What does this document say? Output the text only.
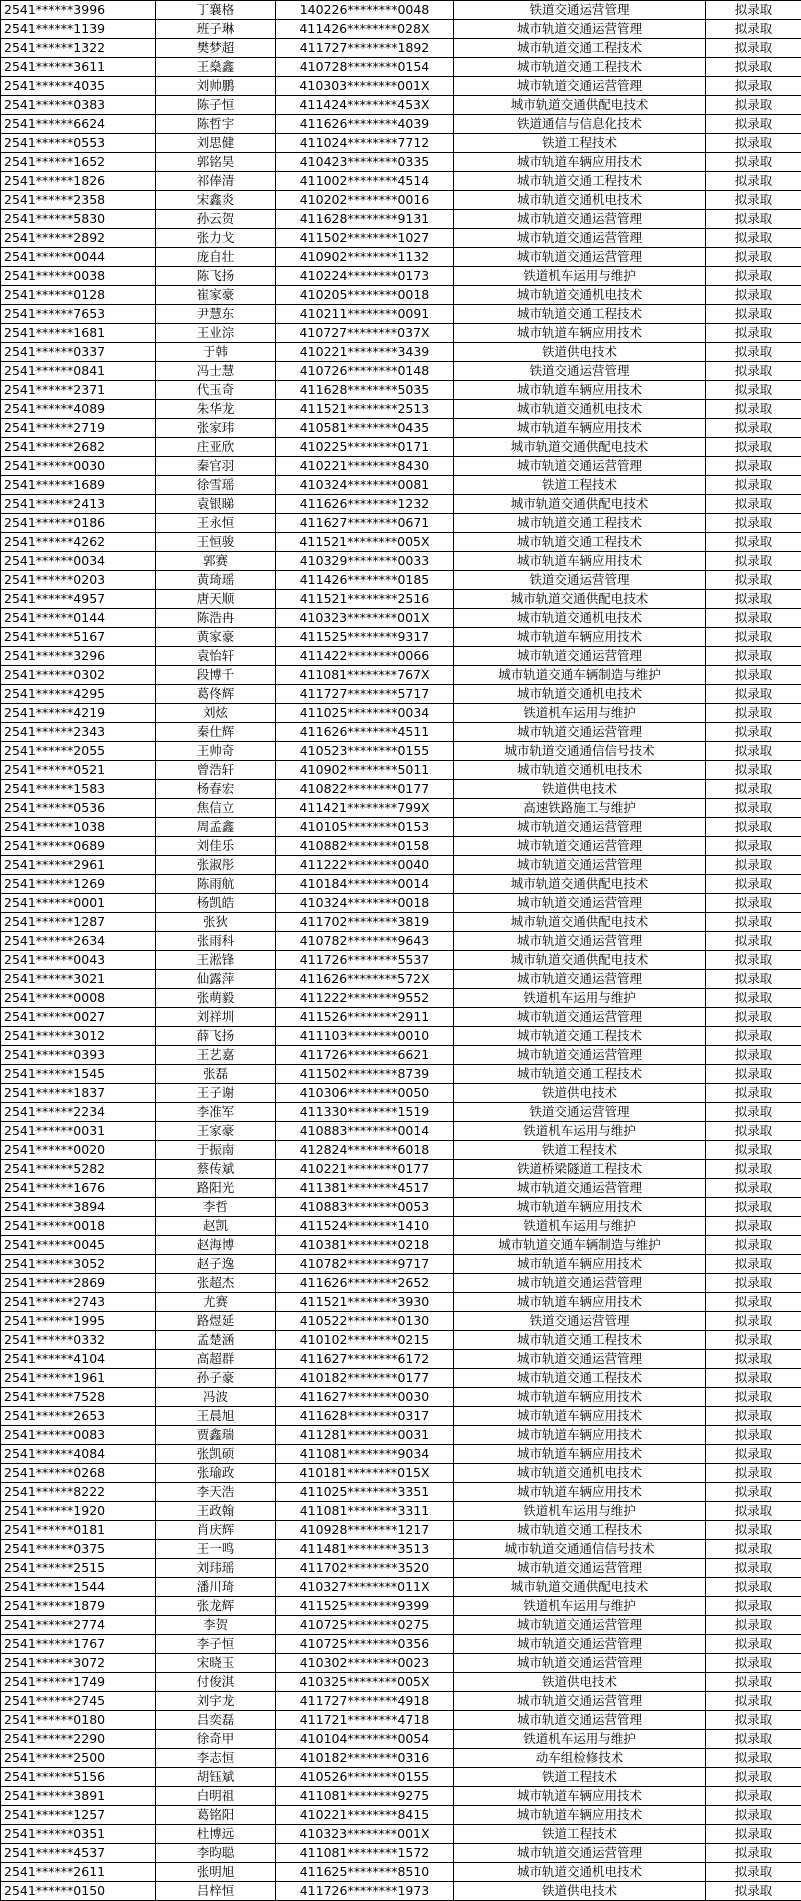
2541******3996	丁襄格	140226********0048	铁道交通运营管理	拟录取
2541******1139	班子琳	411426********028X	城市轨道交通运营管理	拟录取
2541******1322	樊梦超	411727********1892	城市轨道交通工程技术	拟录取
2541******3611	王燊鑫	410728********0154	城市轨道交通工程技术	拟录取
2541******4035	刘帅鹏	410303********001X	城市轨道交通运营管理	拟录取
2541******0383	陈子恒	411424********453X	城市轨道交通供配电技术	拟录取
2541******6624	陈哲宇	411626********4039	铁道通信与信息化技术	拟录取
2541******0553	刘思健	411024********7712	铁道工程技术	拟录取
2541******1652	郭铭昊	410423********0335	城市轨道车辆应用技术	拟录取
2541******1826	祁俸清	411002********4514	城市轨道交通工程技术	拟录取
2541******2358	宋鑫炎	410202********0016	城市轨道交通机电技术	拟录取
2541******5830	孙云贺	411628********9131	城市轨道交通运营管理	拟录取
2541******2892	张力戈	411502********1027	城市轨道交通运营管理	拟录取
2541******0044	庞自壮	410902********1132	城市轨道交通运营管理	拟录取
2541******0038	陈飞扬	410224********0173	铁道机车运用与维护	拟录取
2541******0128	崔家豪	410205********0018	城市轨道交通机电技术	拟录取
2541******7653	尹慧东	410211********0091	城市轨道交通工程技术	拟录取
2541******1681	王业淙	410727********037X	城市轨道车辆应用技术	拟录取
2541******0337	于韩	410221********3439	铁道供电技术	拟录取
2541******0841	冯士慧	410726********0148	铁道交通运营管理	拟录取
2541******2371	代玉奇	411628********5035	城市轨道车辆应用技术	拟录取
2541******4089	朱华龙	411521********2513	城市轨道交通机电技术	拟录取
2541******2719	张家玮	410581********0435	城市轨道车辆应用技术	拟录取
2541******2682	庄亚欣	410225********0171	城市轨道交通供配电技术	拟录取
2541******0030	秦官羽	410221********8430	城市轨道交通运营管理	拟录取
2541******1689	徐雪瑶	410324********0081	铁道工程技术	拟录取
2541******2413	袁银睇	411626********1232	城市轨道交通供配电技术	拟录取
2541******0186	王永恒	411627********0671	城市轨道交通工程技术	拟录取
2541******4262	王恒骏	411521********005X	城市轨道交通工程技术	拟录取
2541******0034	郭赛	410329********0033	城市轨道车辆应用技术	拟录取
2541******0203	黄琦瑶	411426********0185	铁道交通运营管理	拟录取
2541******4957	唐天顺	411521********2516	城市轨道交通供配电技术	拟录取
2541******0144	陈浩冉	410323********001X	城市轨道交通机电技术	拟录取
2541******5167	黄家豪	411525********9317	城市轨道车辆应用技术	拟录取
2541******3296	袁怡轩	411422********0066	城市轨道交通运营管理	拟录取
2541******0302	段博千	411081********767X	城市轨道交通车辆制造与维护	拟录取
2541******4295	葛佟辉	411727********5717	城市轨道交通机电技术	拟录取
2541******4219	刘炫	411025********0034	铁道机车运用与维护	拟录取
2541******2343	秦仕辉	411626********4511	城市轨道交通运营管理	拟录取
2541******2055	王帅奇	410523********0155	城市轨道交通通信信号技术	拟录取
2541******0521	曾浩轩	410902********5011	城市轨道交通机电技术	拟录取
2541******1583	杨春宏	410822********0177	铁道供电技术	拟录取
2541******0536	焦信立	411421********799X	高速铁路施工与维护	拟录取
2541******1038	周孟鑫	410105********0153	城市轨道交通运营管理	拟录取
2541******0689	刘佳乐	410882********0158	城市轨道交通运营管理	拟录取
2541******2961	张淑彤	411222********0040	城市轨道交通运营管理	拟录取
2541******1269	陈雨航	410184********0014	城市轨道交通供配电技术	拟录取
2541******0001	杨凯皓	410324********0018	城市轨道交通运营管理	拟录取
2541******1287	张狄	411702********3819	城市轨道交通供配电技术	拟录取
2541******2634	张雨科	410782********9643	城市轨道交通运营管理	拟录取
2541******0043	王淞锋	411726********5537	城市轨道交通供配电技术	拟录取
2541******3021	仙露萍	411626********572X	城市轨道交通运营管理	拟录取
2541******0008	张萌毅	411222********9552	铁道机车运用与维护	拟录取
2541******0027	刘祥圳	411526********2911	城市轨道交通运营管理	拟录取
2541******3012	薛飞扬	411103********0010	城市轨道交通工程技术	拟录取
2541******0393	王艺嘉	411726********6621	城市轨道交通运营管理	拟录取
2541******1545	张磊	411502********8739	城市轨道交通工程技术	拟录取
2541******1837	王子谢	410306********0050	铁道供电技术	拟录取
2541******2234	李准军	411330********1519	铁道交通运营管理	拟录取
2541******0031	王家豪	410883********0014	铁道机车运用与维护	拟录取
2541******0020	于振南	412824********6018	铁道工程技术	拟录取
2541******5282	蔡传斌	410221********0177	铁道桥梁隧道工程技术	拟录取
2541******1676	路阳光	411381********4517	城市轨道交通运营管理	拟录取
2541******3894	李哲	410883********0053	城市轨道车辆应用技术	拟录取
2541******0018	赵凯	411524********1410	铁道机车运用与维护	拟录取
2541******0045	赵海博	410381********0218	城市轨道交通车辆制造与维护	拟录取
2541******3052	赵子逸	410782********9717	城市轨道车辆应用技术	拟录取
2541******2869	张超杰	411626********2652	城市轨道交通运营管理	拟录取
2541******2743	尤赛	411521********3930	城市轨道车辆应用技术	拟录取
2541******1995	路煜延	410522********0130	铁道交通运营管理	拟录取
2541******0332	孟楚涵	410102********0215	城市轨道交通工程技术	拟录取
2541******4104	高超群	411627********6172	城市轨道交通运营管理	拟录取
2541******1961	孙子豪	410182********0177	城市轨道交通工程技术	拟录取
2541******7528	冯波	411627********0030	城市轨道车辆应用技术	拟录取
2541******2653	王晨旭	411628********0317	城市轨道车辆应用技术	拟录取
2541******0083	贾鑫瑞	411281********0031	城市轨道车辆应用技术	拟录取
2541******4084	张凯硕	411081********9034	城市轨道车辆应用技术	拟录取
2541******0268	张瑜政	410181********015X	城市轨道交通机电技术	拟录取
2541******8222	李天浩	411025********3351	城市轨道车辆应用技术	拟录取
2541******1920	王政翰	411081********3311	铁道机车运用与维护	拟录取
2541******0181	肖庆辉	410928********1217	城市轨道交通工程技术	拟录取
2541******0375	王一鸣	411481********3513	城市轨道交通通信信号技术	拟录取
2541******2515	刘玮瑶	411702********3520	城市轨道交通运营管理	拟录取
2541******1544	潘川琦	410327********011X	城市轨道交通供配电技术	拟录取
2541******1879	张龙辉	411525********9399	铁道机车运用与维护	拟录取
2541******2774	李贺	410725********0275	城市轨道交通运营管理	拟录取
2541******1767	李子恒	410725********0356	城市轨道交通运营管理	拟录取
2541******3072	宋晓玉	410302********0023	城市轨道交通运营管理	拟录取
2541******1749	付俊淇	410325********005X	铁道供电技术	拟录取
2541******2745	刘宇龙	411727********4918	城市轨道交通运营管理	拟录取
2541******0180	吕奕磊	411721********4718	城市轨道交通运营管理	拟录取
2541******2290	徐奇甲	410104********0054	铁道机车运用与维护	拟录取
2541******2500	李志恒	410182********0316	动车组检修技术	拟录取
2541******5156	胡钰斌	410526********0155	铁道工程技术	拟录取
2541******3891	白明祖	411081********9275	城市轨道车辆应用技术	拟录取
2541******1257	葛铭阳	410221********8415	城市轨道车辆应用技术	拟录取
2541******0351	杜博远	410323********001X	铁道工程技术	拟录取
2541******4537	李昀聪	411081********1572	城市轨道交通运营管理	拟录取
2541******2611	张明旭	411625********8510	城市轨道交通机电技术	拟录取
2541******0150	吕梓恒	411726********1973	铁道供电技术	拟录取
